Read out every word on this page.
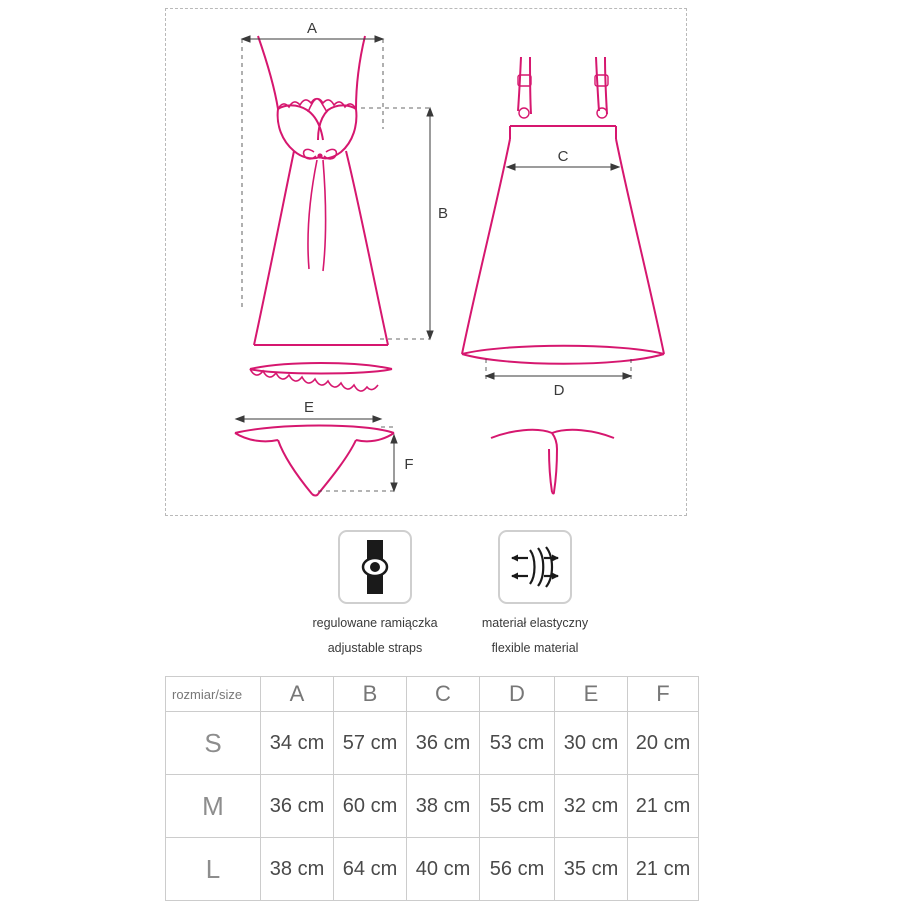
A
B
C
D
E
F
regulowane ramiączka
adjustable straps
materiał elastyczny
flexible material
rozmiar/size	A	B	C	D	E	F
S	34 cm	57 cm	36 cm	53 cm	30 cm	20 cm
M	36 cm	60 cm	38 cm	55 cm	32 cm	21 cm
L	38 cm	64 cm	40 cm	56 cm	35 cm	21 cm
